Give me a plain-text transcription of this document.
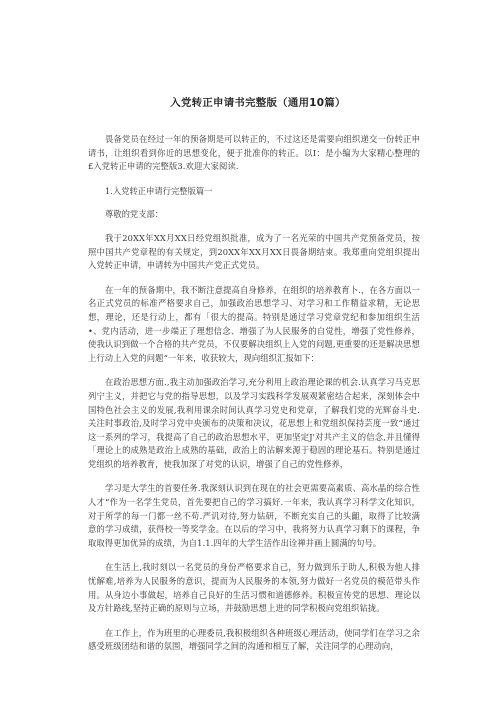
入党转正申请书完整版（通用10篇）

畏备党员在经过一年的预备期是可以转正的，不过这还是需要向组织递交一份转正申请书，让组织看到你近的思想变化，便于批准你的转正。以I：是小编为大家精心整理的£入党转正申请的完整版3.欢迎大家阅读.

1.入党转正申请行完整版篇一

尊敬的党支部：

我于20XX年XX月XX日经党组织批准，成为了一名光荣的中国共产党预备党员，按照中国共产党章程的有关规定，到20XX年XX月XX日畏备期结束。我郑重向党组织提出入党转正申请，申请转为中国共产党正式党员。

在一年的预备期中，我不断注意提高自身修养，在组织的培养教育卜.，在各方面以一名正式党员的标准严格要求自己，加强政治思想学习、对学习和工作精益求精，无论思想，理论，还是行动上，都有「很大的提高。特别是通过学习党章党纪和参加组织生活•、党内活动，进一步端正了理想信念、增强了为人民服务的自觉性，增强了党性修养，使我认识到做一个合格的共产党员，不仅要解决组织上入党的问题,更重要的还是解决思想上行动上入党的问题“一年来，收获较大，现向组织汇报如下：

在政治思想方面.,我主动加强政治学习,充分利用上政治理论课的机会.认真学习马克思列宁主义，并把它与党的指导思想，以及学习实践科学发展观紧密结合起来，深刻体会中国特色社会主义的发展,我利用课余时间认真学习党史和党章，了解我们党的光辉奋斗史.关注时事政治,及时学习党中央颁布的决策和决议，花思想上和党组织保持芸度一致“通过这一系列的学习，我提高了自己的政治思想水平，更加坚定J'对共产主义的信念,并且懂得「理论上的成熟是政治上成熟的基础，政治上的沾解来源于稳固的理论基石。特别是通过党组织的培养教育，使我加深了对党的认识，增强了自己的党性修养，

学习是大学生的首要任务.我深刻认识到在现在的社会更需要高素质、高水晶的综合性人才“作为一名学生党员，首先要把自己的学习搞好.一年来，我认真学习科学文化知识，对于所学的每一门都一丝不苟.严讥对待,努力钻研，不断充实自己的头齟，取得了比较满意的学习成绩，获得校一等奖学金。在以后的学习中，我将努力认真学习剩下的课程，争取取得更加优异的成绩，为自1.1.四年的大学生活作出诠禅并画上圆满的句号。

在生活上,我时刻以一名党员的身份严格要求自己，努力做到乐于助人,积极为他人排忧解难,培养为人民服务的意识，提而为人民服务的本领,努力做好一名党员的模范带头作用。从身边小事做起，培养自己良好的生活习惯和道德修养。积极宣传党的思想、理论以及方针路线,坚持正确的原则与立场，并鼓励思想上进的同学积极向党组织钻拢。

在工作上，作为班里的心理委员,我积极组织各种班级心理活动，使同学们在学习之余感受班级团结和谐的氛围，增强同学之间的沟通和相互了解，关注同学的心理动向，
